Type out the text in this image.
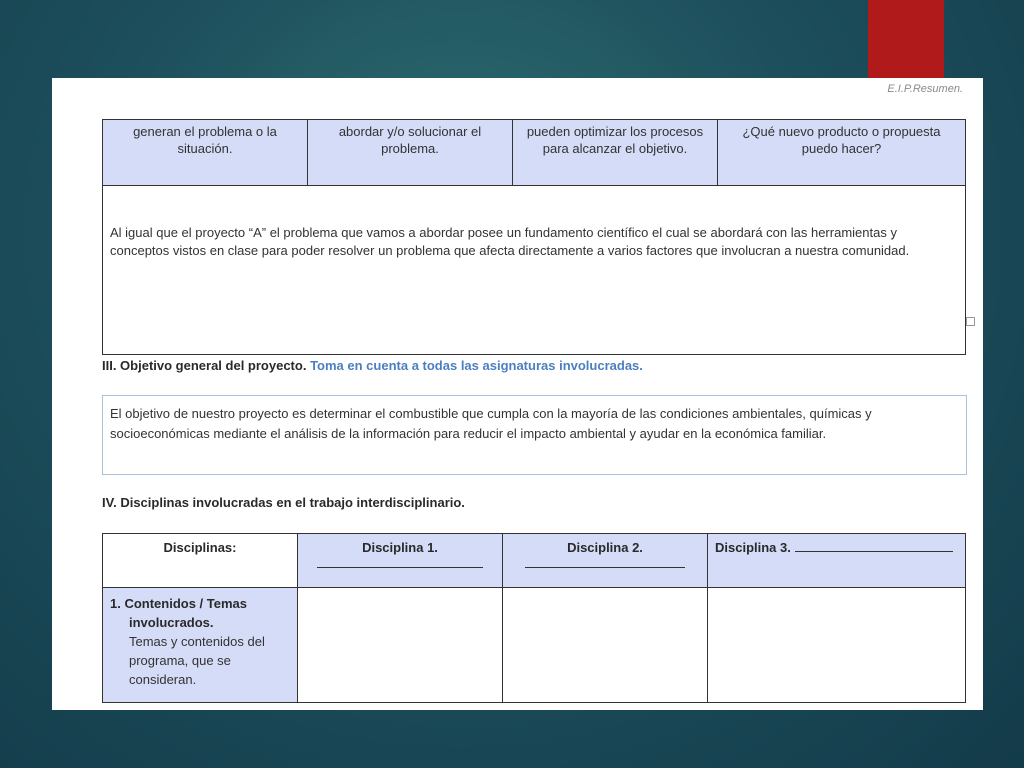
E.I.P.Resumen.
generan el problema o la situación.	abordar y/o solucionar el problema.	pueden optimizar los procesos para alcanzar el objetivo.	¿Qué nuevo producto o propuesta puedo hacer?
Al igual que el proyecto “A” el problema que vamos a abordar posee un fundamento científico el cual se abordará con las herramientas y conceptos vistos en clase para poder resolver un problema que afecta directamente a varios factores que involucran a nuestra comunidad.
III. Objetivo general del proyecto. Toma en cuenta a todas las asignaturas involucradas.
El objetivo de nuestro proyecto es determinar el combustible que cumpla con la mayoría de las condiciones ambientales, químicas y socioeconómicas mediante el análisis de la información para reducir el impacto ambiental y ayudar en la económica familiar.
IV. Disciplinas involucradas en el trabajo interdisciplinario.
Disciplinas:	Disciplina 1.	Disciplina 2.	Disciplina 3.
1. Contenidos / Temas
involucrados.
Temas y contenidos del programa, que se consideran.			
